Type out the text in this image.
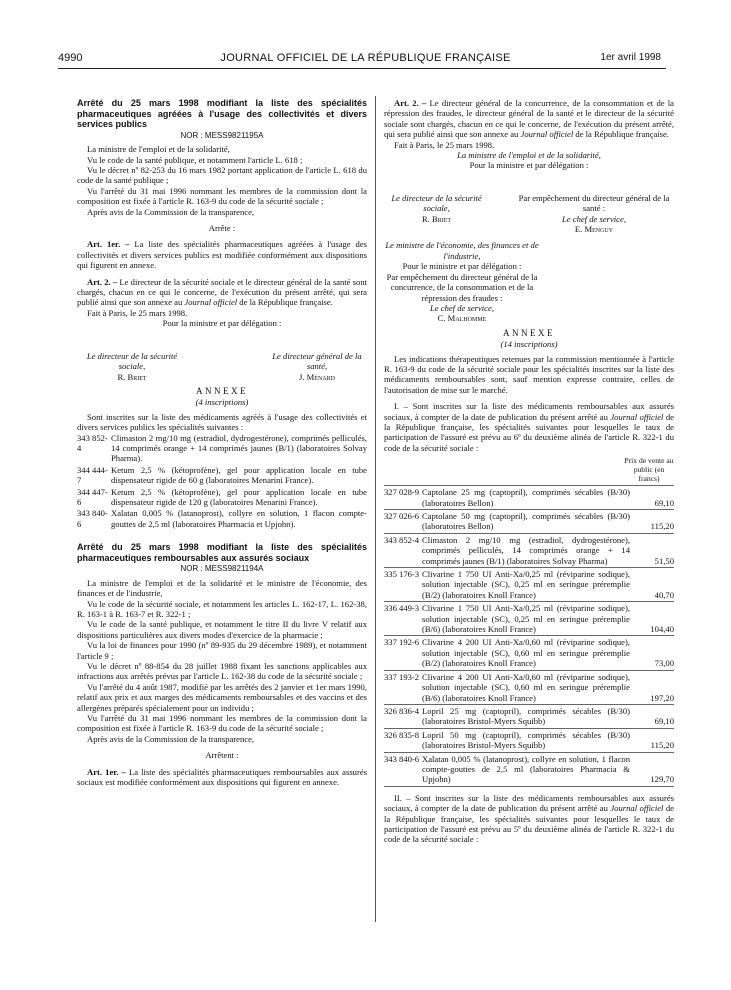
4990	JOURNAL OFFICIEL DE LA RÉPUBLIQUE FRANÇAISE	1er avril 1998

Arrêté du 25 mars 1998 modifiant la liste des spécialités pharmaceutiques agréées à l'usage des collectivités et divers services publics

NOR : MESS9821195A

La ministre de l'emploi et de la solidarité,

Vu le code de la santé publique, et notamment l'article L. 618 ;

Vu le décret nº 82-253 du 16 mars 1982 portant application de l'article L. 618 du code de la santé publique ;

Vu l'arrêté du 31 mai 1996 nommant les membres de la commission dont la composition est fixée à l'article R. 163-9 du code de la sécurité sociale ;

Après avis de la Commission de la transparence,

Arrête :

Art. 1er. – La liste des spécialités pharmaceutiques agréées à l'usage des collectivités et divers services publics est modifiée conformément aux dispositions qui figurent en annexe.

Art. 2. – Le directeur de la sécurité sociale et le directeur général de la santé sont chargés, chacun en ce qui le concerne, de l'exécution du présent arrêté, qui sera publié ainsi que son annexe au Journal officiel de la République française.

Fait à Paris, le 25 mars 1998.

Pour la ministre et par délégation :

Le directeur de la sécurité sociale,
R. Briet
Le directeur général de la santé,
J. Ménard

ANNEXE

(4 inscriptions)

Sont inscrites sur la liste des médicaments agréés à l'usage des collectivités et divers services publics les spécialités suivantes :

343 852-4
Climaston 2 mg/10 mg (estradiol, dydrogestérone), comprimés pelliculés, 14 comprimés orange + 14 comprimés jaunes (B/1) (laboratoires Solvay Pharma).
344 444-7
Ketum 2,5 % (kétoprofène), gel pour application locale en tube dispensateur rigide de 60 g (laboratoires Menarini France).
344 447-6
Ketum 2,5 % (kétoprofène), gel pour application locale en tube dispensateur rigide de 120 g (laboratoires Menarini France).
343 840-6
Xalatan 0,005 % (latanoprost), collyre en solution, 1 flacon compte-gouttes de 2,5 ml (laboratoires Pharmacia et Upjohn).

Arrêté du 25 mars 1998 modifiant la liste des spécialités pharmaceutiques remboursables aux assurés sociaux

NOR : MESS9821194A

La ministre de l'emploi et de la solidarité et le ministre de l'économie, des finances et de l'industrie,

Vu le code de la sécurité sociale, et notamment les articles L. 162-17, L. 162-38, R. 163-1 à R. 163-7 et R. 322-1 ;

Vu le code de la santé publique, et notamment le titre II du livre V relatif aux dispositions particulières aux divers modes d'exercice de la pharmacie ;

Vu la loi de finances pour 1990 (nº 89-935 du 29 décembre 1989), et notamment l'article 9 ;

Vu le décret nº 88-854 du 28 juillet 1988 fixant les sanctions applicables aux infractions aux arrêtés prévus par l'article L. 162-38 du code de la sécurité sociale ;

Vu l'arrêté du 4 août 1987, modifié par les arrêtés des 2 janvier et 1er mars 1990, relatif aux prix et aux marges des médicaments remboursables et des vaccins et des allergènes préparés spécialement pour un individu ;

Vu l'arrêté du 31 mai 1996 nommant les membres de la commission dont la composition est fixée à l'article R. 163-9 du code de la sécurité sociale ;

Après avis de la Commission de la transparence,

Arrêtent :

Art. 1er. – La liste des spécialités pharmaceutiques remboursables aux assurés sociaux est modifiée conformément aux dispositions qui figurent en annexe.

Art. 2. – Le directeur général de la concurrence, de la consommation et de la répression des fraudes, le directeur général de la santé et le directeur de la sécurité sociale sont chargés, chacun en ce qui le concerne, de l'exécution du présent arrêté, qui sera publié ainsi que son annexe au Journal officiel de la République française.

Fait à Paris, le 25 mars 1998.

La ministre de l'emploi et de la solidarité,

Pour la ministre et par délégation :

Le directeur de la sécurité sociale,
R. Briet
Par empêchement du directeur général de la santé :
Le chef de service,
E. Menguy
Le ministre de l'économie, des finances et de l'industrie,
Pour le ministre et par délégation :
Par empêchement du directeur général de la concurrence, de la consommation et de la répression des fraudes :
Le chef de service,
C. Malhomme

ANNEXE

(14 inscriptions)

Les indications thérapeutiques retenues par la commission mentionnée à l'article R. 163-9 du code de la sécurité sociale pour les spécialités inscrites sur la liste des médicaments remboursables sont, sauf mention expresse contraire, celles de l'autorisation de mise sur le marché.

I. – Sont inscrites sur la liste des médicaments remboursables aux assurés sociaux, à compter de la date de publication du présent arrêté au Journal officiel de la République française, les spécialités suivantes pour lesquelles le taux de participation de l'assuré est prévu au 6º du deuxième alinéa de l'article R. 322-1 du code de la sécurité sociale :

Prix de vente au public (en francs)
327 028-9 Captolane 25 mg (captopril), comprimés sécables (B/30) (laboratoires Bellon)	69,10
327 026-6 Captolane 50 mg (captopril), comprimés sécables (B/30) (laboratoires Bellon)	115,20
343 852-4 Climaston 2 mg/10 mg (estradiol, dydrogestérone), comprimés pelliculés, 14 comprimés orange + 14 comprimés jaunes (B/1) (laboratoires Solvay Pharma)	51,50
335 176-3 Clivarine 1 750 UI Anti-Xa/0,25 ml (réviparine sodique), solution injectable (SC), 0,25 ml en seringue préremplie (B/2) (laboratoires Knoll France)	40,70
336 449-3 Clivarine 1 750 UI Anti-Xa/0,25 ml (réviparine sodique), solution injectable (SC), 0,25 ml en seringue préremplie (B/6) (laboratoires Knoll France)	104,40
337 192-6 Clivarine 4 200 UI Anti-Xa/0,60 ml (réviparine sodique), solution injectable (SC), 0,60 ml en seringue préremplie (B/2) (laboratoires Knoll France)	73,00
337 193-2 Clivarine 4 200 UI Anti-Xa/0,60 ml (réviparine sodique), solution injectable (SC), 0,60 ml en seringue préremplie (B/6) (laboratoires Knoll France)	197,20
326 836-4 Lopril 25 mg (captopril), comprimés sécables (B/30) (laboratoires Bristol-Myers Squibb)	69,10
326 835-8 Lopril 50 mg (captopril), comprimés sécables (B/30) (laboratoires Bristol-Myers Squibb)	115,20
343 840-6 Xalatan 0,005 % (latanoprost), collyre en solution, 1 flacon compte-gouttes de 2,5 ml (laboratoires Pharmacia & Upjohn)	129,70

II. – Sont inscrites sur la liste des médicaments remboursables aux assurés sociaux, à compter de la date de publication du présent arrêté au Journal officiel de la République française, les spécialités suivantes pour lesquelles le taux de participation de l'assuré est prévu au 5º du deuxième alinéa de l'article R. 322-1 du code de la sécurité sociale :
